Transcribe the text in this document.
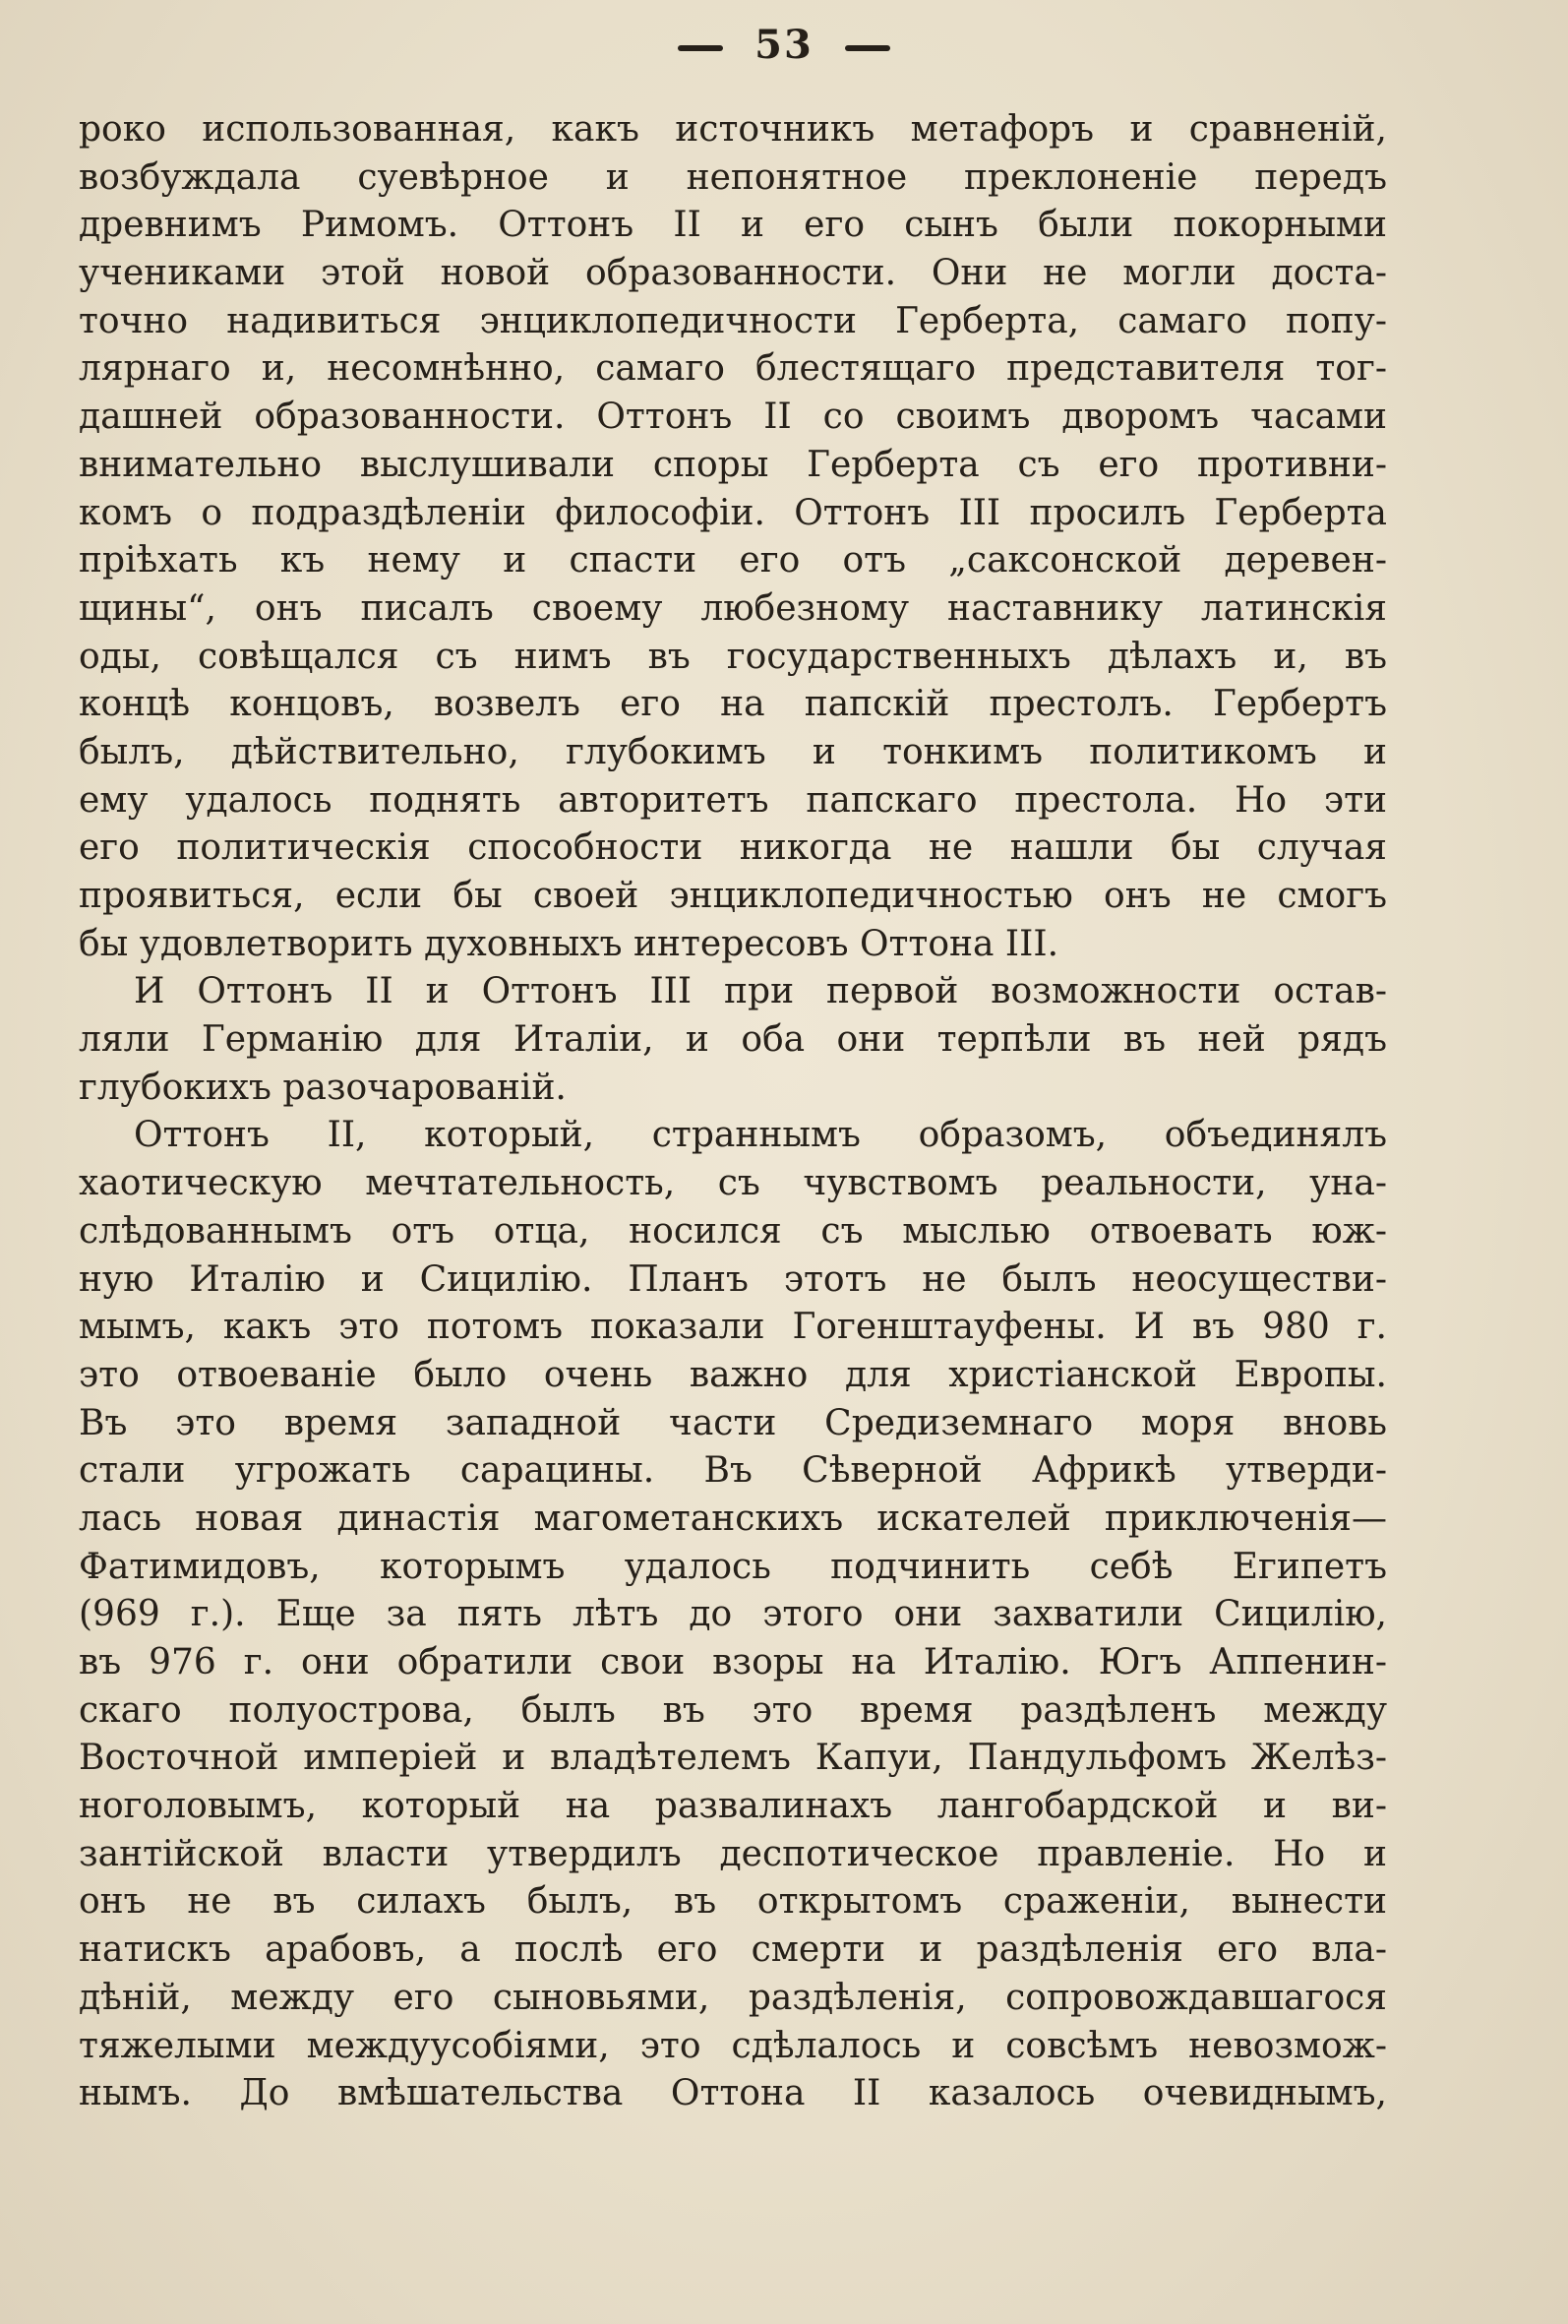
53
роко использованная, какъ источникъ метафоръ и сравненій,
возбуждала суевѣрное и непонятное преклоненіе передъ
древнимъ Римомъ. Оттонъ II и его сынъ были покорными
учениками этой новой образованности. Они не могли доста-
точно надивиться энциклопедичности Герберта, самаго попу-
лярнаго и, несомнѣнно, самаго блестящаго представителя тог-
дашней образованности. Оттонъ II со своимъ дворомъ часами
внимательно выслушивали споры Герберта съ его противни-
комъ о подраздѣленіи философіи. Оттонъ III просилъ Герберта
пріѣхать къ нему и спасти его отъ „саксонской деревен-
щины“, онъ писалъ своему любезному наставнику латинскія
оды, совѣщался съ нимъ въ государственныхъ дѣлахъ и, въ
концѣ концовъ, возвелъ его на папскій престолъ. Гербертъ
былъ, дѣйствительно, глубокимъ и тонкимъ политикомъ и
ему удалось поднять авторитетъ папскаго престола. Но эти
его политическія способности никогда не нашли бы случая
проявиться, если бы своей энциклопедичностью онъ не смогъ
бы удовлетворить духовныхъ интересовъ Оттона III.
И Оттонъ II и Оттонъ III при первой возможности остав-
ляли Германію для Италіи, и оба они терпѣли въ ней рядъ
глубокихъ разочарованій.
Оттонъ II, который, страннымъ образомъ, объединялъ
хаотическую мечтательность, съ чувствомъ реальности, уна-
слѣдованнымъ отъ отца, носился съ мыслью отвоевать юж-
ную Италію и Сицилію. Планъ этотъ не былъ неосуществи-
мымъ, какъ это потомъ показали Гогенштауфены. И въ 980 г.
это отвоеваніе было очень важно для христіанской Европы.
Въ это время западной части Средиземнаго моря вновь
стали угрожать сарацины. Въ Сѣверной Африкѣ утверди-
лась новая династія магометанскихъ искателей приключенія—
Фатимидовъ, которымъ удалось подчинить себѣ Египетъ
(969 г.). Еще за пять лѣтъ до этого они захватили Сицилію,
въ 976 г. они обратили свои взоры на Италію. Югъ Аппенин-
скаго полуострова, былъ въ это время раздѣленъ между
Восточной имперіей и владѣтелемъ Капуи, Пандульфомъ Желѣз-
ноголовымъ, который на развалинахъ лангобардской и ви-
зантійской власти утвердилъ деспотическое правленіе. Но и
онъ не въ силахъ былъ, въ открытомъ сраженіи, вынести
натискъ арабовъ, а послѣ его смерти и раздѣленія его вла-
дѣній, между его сыновьями, раздѣленія, сопровождавшагося
тяжелыми междуусобіями, это сдѣлалось и совсѣмъ невозмож-
нымъ. До вмѣшательства Оттона II казалось очевиднымъ,
